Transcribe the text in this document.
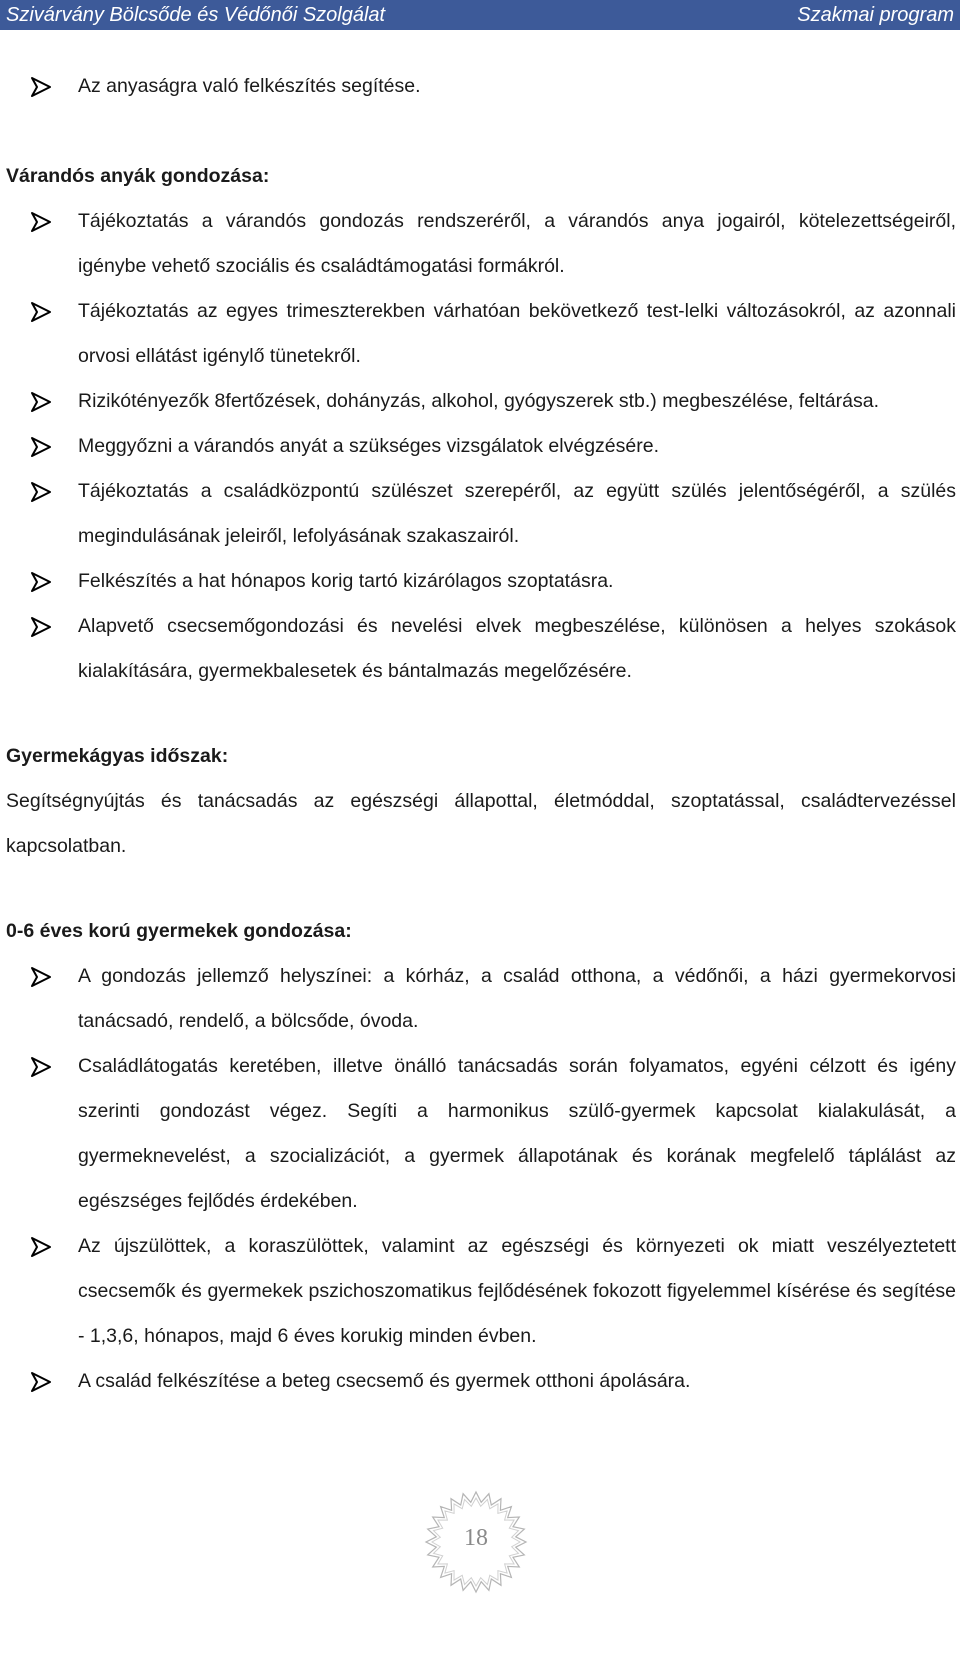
Szivárvány Bölcsőde és Védőnői Szolgálat	Szakmai program
Az anyaságra való felkészítés segítése.
Várandós anyák gondozása:
Tájékoztatás a várandós gondozás rendszeréről, a várandós anya jogairól, kötelezettségeiről, igénybe vehető szociális és családtámogatási formákról.
Tájékoztatás az egyes trimeszterekben várhatóan bekövetkező test-lelki változásokról, az azonnali orvosi ellátást igénylő tünetekről.
Rizikótényezők 8fertőzések, dohányzás, alkohol, gyógyszerek stb.) megbeszélése, feltárása.
Meggyőzni a várandós anyát a szükséges vizsgálatok elvégzésére.
Tájékoztatás a családközpontú szülészet szerepéről, az együtt szülés jelentőségéről, a szülés megindulásának jeleiről, lefolyásának szakaszairól.
Felkészítés a hat hónapos korig tartó kizárólagos szoptatásra.
Alapvető csecsemőgondozási és nevelési elvek megbeszélése, különösen a helyes szokások kialakítására, gyermekbalesetek és bántalmazás megelőzésére.
Gyermekágyas időszak:
Segítségnyújtás és tanácsadás az egészségi állapottal, életmóddal, szoptatással, családtervezéssel kapcsolatban.
0-6 éves korú gyermekek gondozása:
A gondozás jellemző helyszínei: a kórház, a család otthona, a védőnői, a házi gyermekorvosi tanácsadó, rendelő, a bölcsőde, óvoda.
Családlátogatás keretében, illetve önálló tanácsadás során folyamatos, egyéni célzott és igény szerinti gondozást végez. Segíti a harmonikus szülő-gyermek kapcsolat kialakulását, a gyermeknevelést, a szocializációt, a gyermek állapotának és korának megfelelő táplálást az egészséges fejlődés érdekében.
Az újszülöttek, a koraszülöttek, valamint az egészségi és környezeti ok miatt veszélyeztetett csecsemők és gyermekek pszichoszomatikus fejlődésének fokozott figyelemmel kísérése és segítése - 1,3,6, hónapos, majd 6 éves korukig minden évben.
A család felkészítése a beteg csecsemő és gyermek otthoni ápolására.
18
